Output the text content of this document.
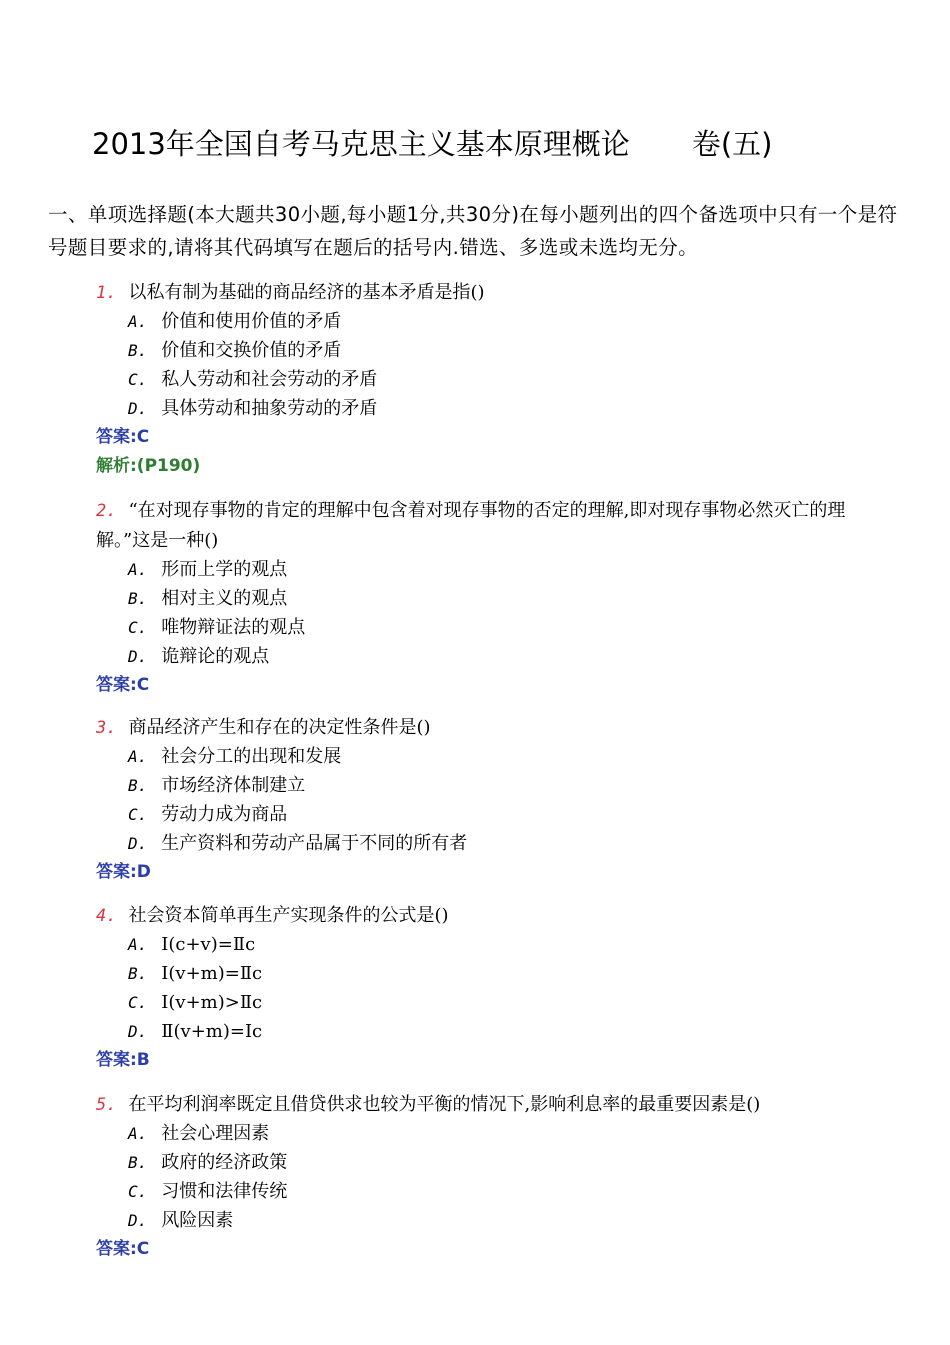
2013年全国自考马克思主义基本原理概论 卷(五)
一、单项选择题(本大题共30小题,每小题1分,共30分)在每小题列出的四个备选项中只有一个是符号题目要求的,请将其代码填写在题后的括号内.错选、多选或未选均无分。
1. 以私有制为基础的商品经济的基本矛盾是指()
A. 价值和使用价值的矛盾
B. 价值和交换价值的矛盾
C. 私人劳动和社会劳动的矛盾
D. 具体劳动和抽象劳动的矛盾
答案:C
解析:(P190)
2. “在对现存事物的肯定的理解中包含着对现存事物的否定的理解,即对现存事物必然灭亡的理解。”这是一种()
A. 形而上学的观点
B. 相对主义的观点
C. 唯物辩证法的观点
D. 诡辩论的观点
答案:C
3. 商品经济产生和存在的决定性条件是()
A. 社会分工的出现和发展
B. 市场经济体制建立
C. 劳动力成为商品
D. 生产资料和劳动产品属于不同的所有者
答案:D
4. 社会资本简单再生产实现条件的公式是()
A. Ⅰ(c+v)=Ⅱc
B. Ⅰ(v+m)=Ⅱc
C. Ⅰ(v+m)>Ⅱc
D. Ⅱ(v+m)=Ⅰc
答案:B
5. 在平均利润率既定且借贷供求也较为平衡的情况下,影响利息率的最重要因素是()
A. 社会心理因素
B. 政府的经济政策
C. 习惯和法律传统
D. 风险因素
答案:C
